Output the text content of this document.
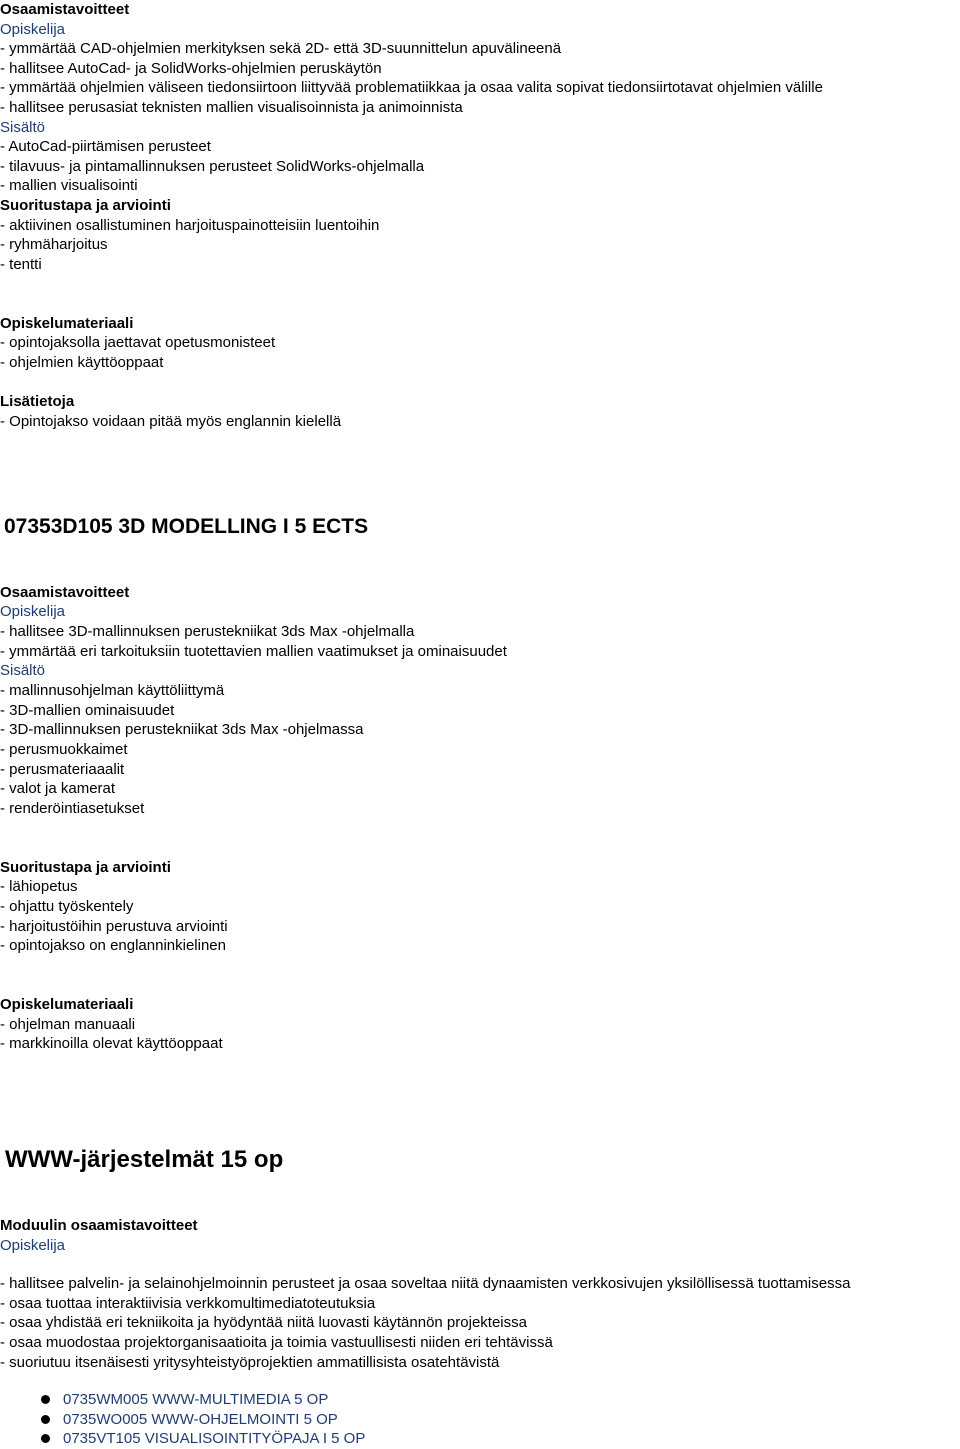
Osaamistavoitteet
Opiskelija
- ymmärtää CAD-ohjelmien merkityksen sekä 2D- että 3D-suunnittelun apuvälineenä
- hallitsee AutoCad- ja SolidWorks-ohjelmien peruskäytön
- ymmärtää ohjelmien väliseen tiedonsiirtoon liittyvää problematiikkaa ja osaa valita sopivat tiedonsiirtotavat ohjelmien välille
- hallitsee perusasiat teknisten mallien visualisoinnista ja animoinnista
Sisältö
- AutoCad-piirtämisen perusteet
- tilavuus- ja pintamallinnuksen perusteet SolidWorks-ohjelmalla
- mallien visualisointi
Suoritustapa ja arviointi
- aktiivinen osallistuminen harjoituspainotteisiin luentoihin
- ryhmäharjoitus
- tentti
Opiskelumateriaali
- opintojaksolla jaettavat opetusmonisteet
- ohjelmien käyttöoppaat
Lisätietoja
- Opintojakso voidaan pitää myös englannin kielellä
07353D105 3D MODELLING I 5 ECTS
Osaamistavoitteet
Opiskelija
- hallitsee 3D-mallinnuksen perustekniikat 3ds Max -ohjelmalla
- ymmärtää eri tarkoituksiin tuotettavien mallien vaatimukset ja ominaisuudet
Sisältö
- mallinnusohjelman käyttöliittymä
- 3D-mallien ominaisuudet
- 3D-mallinnuksen perustekniikat 3ds Max -ohjelmassa
- perusmuokkaimet
- perusmateriaaalit
- valot ja kamerat
- renderöintiasetukset
Suoritustapa ja arviointi
- lähiopetus
- ohjattu työskentely
- harjoitustöihin perustuva arviointi
- opintojakso on englanninkielinen
Opiskelumateriaali
- ohjelman manuaali
- markkinoilla olevat käyttöoppaat
WWW-järjestelmät 15 op
Moduulin osaamistavoitteet
Opiskelija
- hallitsee palvelin- ja selainohjelmoinnin perusteet ja osaa soveltaa niitä dynaamisten verkkosivujen yksilöllisessä tuottamisessa
- osaa tuottaa interaktiivisia verkkomultimediatoteutuksia
- osaa yhdistää eri tekniikoita ja hyödyntää niitä luovasti käytännön projekteissa
- osaa muodostaa projektorganisaatioita ja toimia vastuullisesti niiden eri tehtävissä
- suoriutuu itsenäisesti yritysyhteistyöprojektien ammatillisista osatehtävistä
0735WM005 WWW-MULTIMEDIA 5 OP
0735WO005 WWW-OHJELMOINTI 5 OP
0735VT105 VISUALISOINTITYÖPAJA I 5 OP
